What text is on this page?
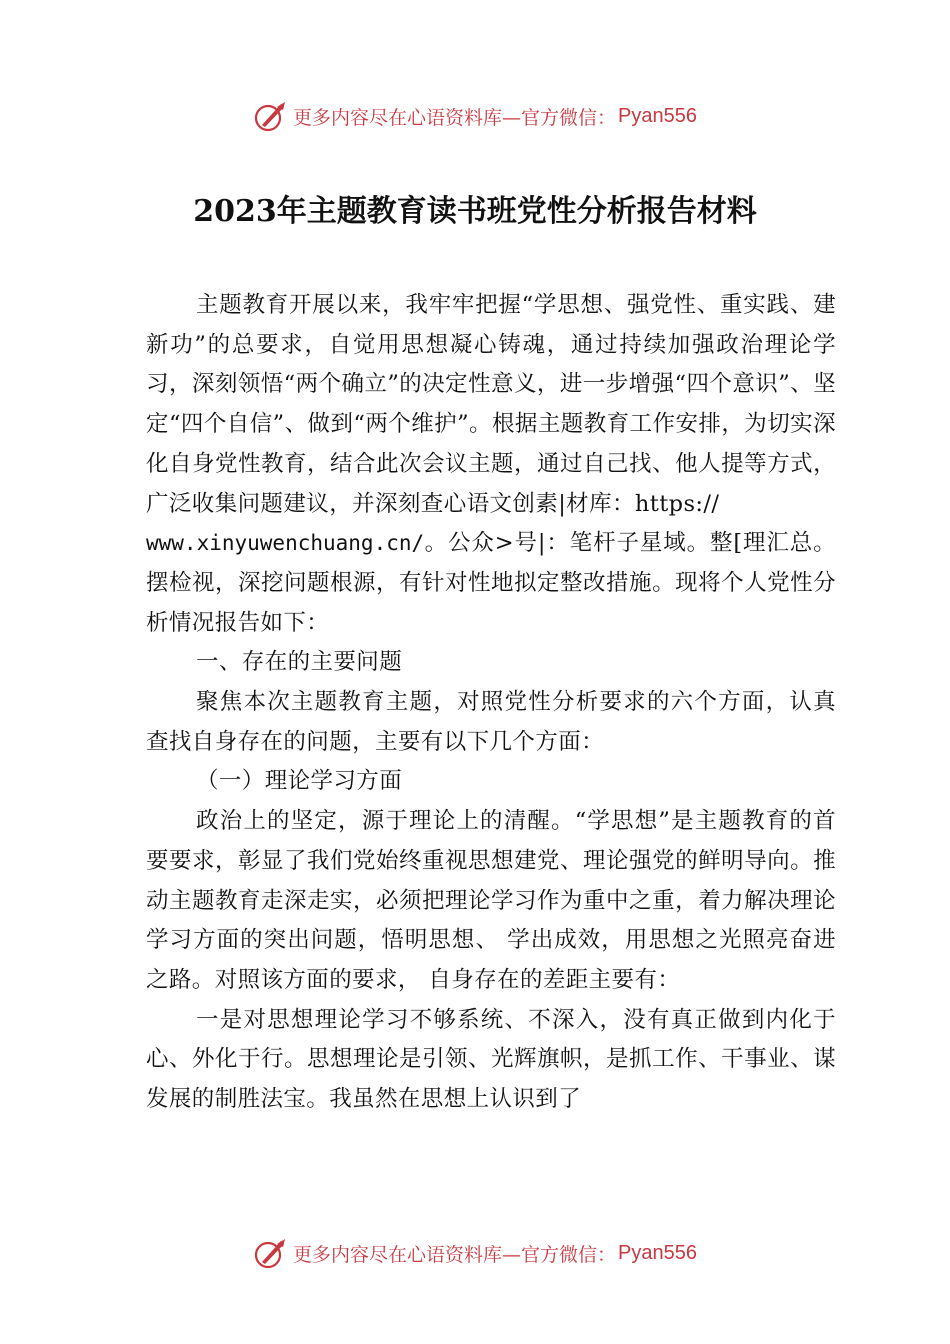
更多内容尽在心语资料库—官方微信： Pyan556
2023年主题教育读书班党性分析报告材料

主题教育开展以来，我牢牢把握“学思想、强党性、重实践、建新功”的总要求，自觉用思想凝心铸魂，通过持续加强政治理论学习，深刻领悟“两个确立”的决定性意义，进一步增强“四个意识”、坚定“四个自信”、做到“两个维护”。根据主题教育工作安排，为切实深化自身党性教育，结合此次会议主题，通过自己找、他人提等方式，广泛收集问题建议，并深刻查心语文创素|材库：https://

www.xinyuwenchuang.cn/。公众>号|：笔杆子星域。整[理汇总。摆检视，深挖问题根源，有针对性地拟定整改措施。现将个人党性分析情况报告如下：

一、存在的主要问题

聚焦本次主题教育主题，对照党性分析要求的六个方面，认真查找自身存在的问题，主要有以下几个方面：

（一）理论学习方面

政治上的坚定，源于理论上的清醒。“学思想”是主题教育的首要要求，彰显了我们党始终重视思想建党、理论强党的鲜明导向。推动主题教育走深走实，必须把理论学习作为重中之重，着力解决理论学习方面的突出问题，悟明思想、 学出成效，用思想之光照亮奋进之路。对照该方面的要求， 自身存在的差距主要有：

一是对思想理论学习不够系统、不深入，没有真正做到内化于心、外化于行。思想理论是引领、光辉旗帜，是抓工作、干事业、谋发展的制胜法宝。我虽然在思想上认识到了

更多内容尽在心语资料库—官方微信： Pyan556
